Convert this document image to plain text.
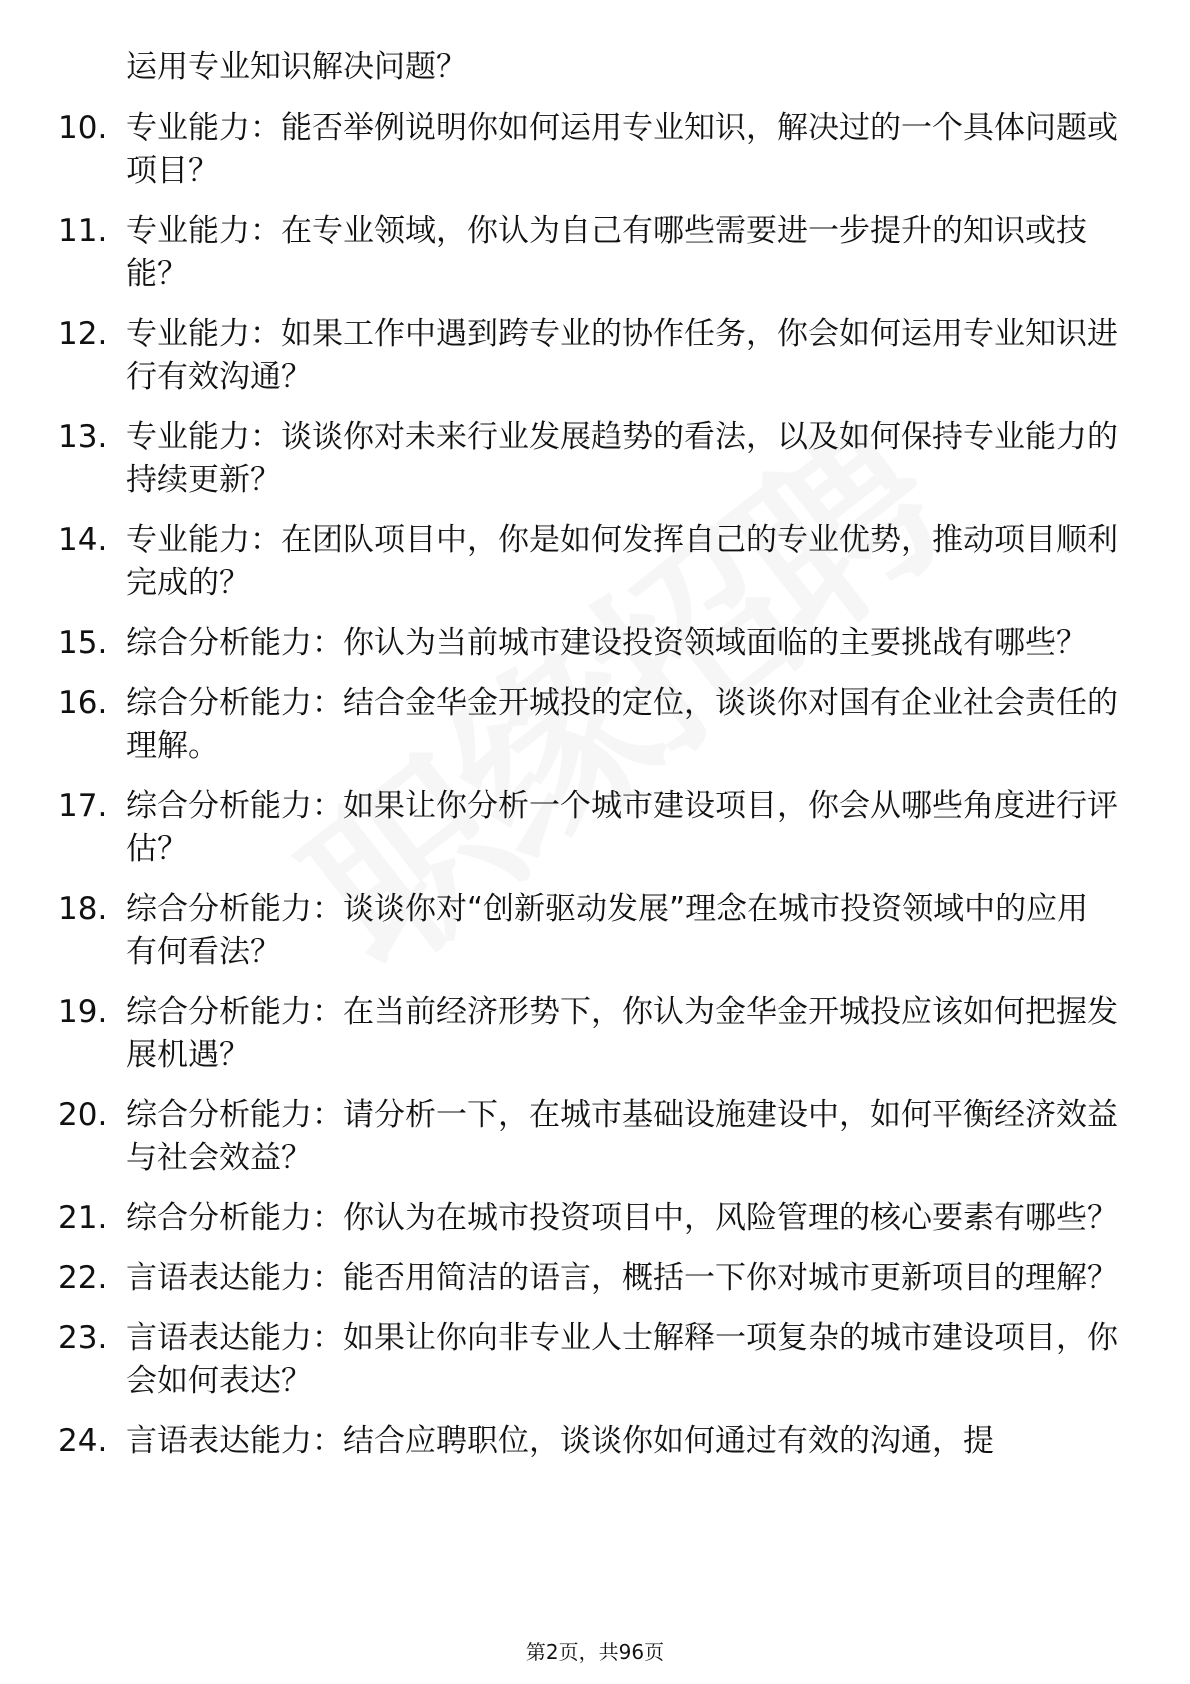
运用专业知识解决问题？
10. 专业能力：能否举例说明你如何运用专业知识，解决过的一个具体问题或项目？
11. 专业能力：在专业领域，你认为自己有哪些需要进一步提升的知识或技能？
12. 专业能力：如果工作中遇到跨专业的协作任务，你会如何运用专业知识进行有效沟通？
13. 专业能力：谈谈你对未来行业发展趋势的看法，以及如何保持专业能力的持续更新？
14. 专业能力：在团队项目中，你是如何发挥自己的专业优势，推动项目顺利完成的？
15. 综合分析能力：你认为当前城市建设投资领域面临的主要挑战有哪些？
16. 综合分析能力：结合金华金开城投的定位，谈谈你对国有企业社会责任的理解。
17. 综合分析能力：如果让你分析一个城市建设项目，你会从哪些角度进行评估？
18. 综合分析能力：谈谈你对“创新驱动发展”理念在城市投资领域中的应用有何看法？
19. 综合分析能力：在当前经济形势下，你认为金华金开城投应该如何把握发展机遇？
20. 综合分析能力：请分析一下，在城市基础设施建设中，如何平衡经济效益与社会效益？
21. 综合分析能力：你认为在城市投资项目中，风险管理的核心要素有哪些？
22. 言语表达能力：能否用简洁的语言，概括一下你对城市更新项目的理解？
23. 言语表达能力：如果让你向非专业人士解释一项复杂的城市建设项目，你会如何表达？
24. 言语表达能力：结合应聘职位，谈谈你如何通过有效的沟通，提
第2页，共96页
